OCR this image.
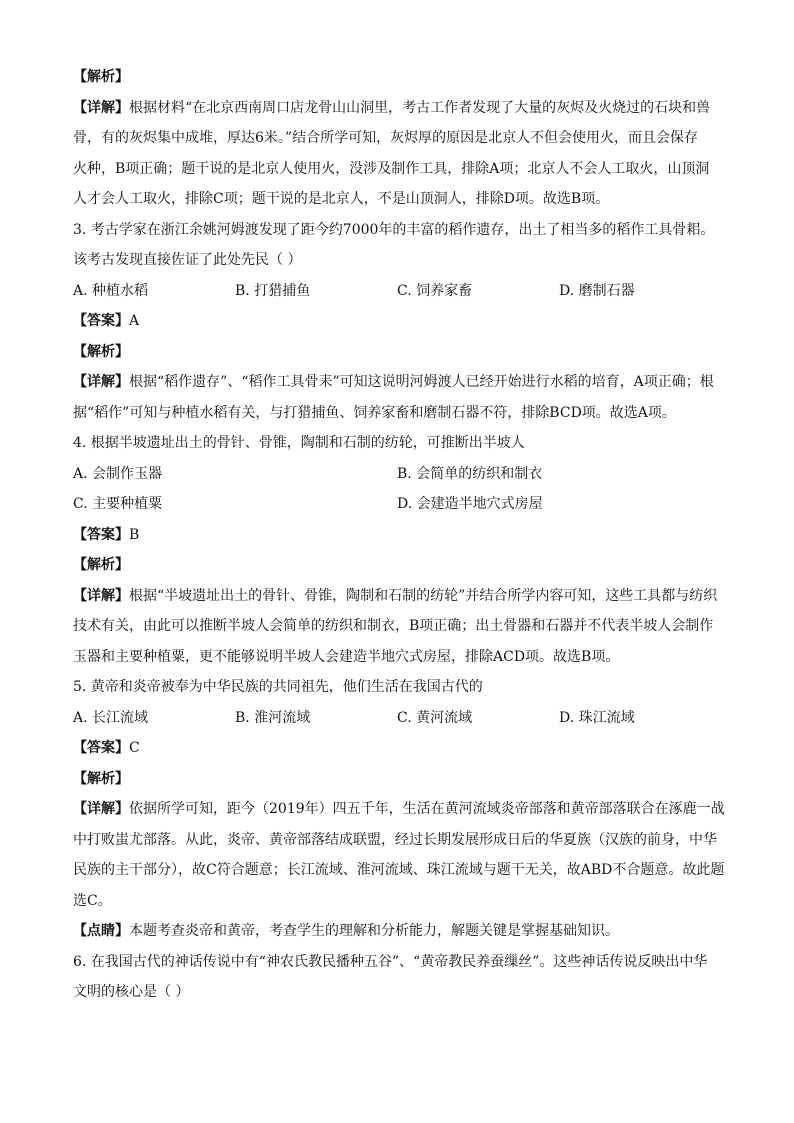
【解析】
【详解】根据材料“在北京西南周口店龙骨山山洞里，考古工作者发现了大量的灰烬及火烧过的石块和兽
骨，有的灰烬集中成堆，厚达6米。”结合所学可知，灰烬厚的原因是北京人不但会使用火，而且会保存
火种，B项正确；题干说的是北京人使用火，没涉及制作工具，排除A项；北京人不会人工取火，山顶洞
人才会人工取火，排除C项；题干说的是北京人，不是山顶洞人，排除D项。故选B项。
3. 考古学家在浙江余姚河姆渡发现了距今约7000年的丰富的稻作遗存，出土了相当多的稻作工具骨耜。
该考古发现直接佐证了此处先民（ ）
A. 种植水稻	B. 打猎捕鱼	C. 饲养家畜	D. 磨制石器
【答案】A
【解析】
【详解】根据“稻作遗存”、“稻作工具骨耒”可知这说明河姆渡人已经开始进行水稻的培育，A项正确；根
据“稻作”可知与种植水稻有关，与打猎捕鱼、饲养家畜和磨制石器不符，排除BCD项。故选A项。
4. 根据半坡遗址出土的骨针、骨锥，陶制和石制的纺轮，可推断出半坡人
A. 会制作玉器	B. 会简单的纺织和制衣
C. 主要种植粟	D. 会建造半地穴式房屋
【答案】B
【解析】
【详解】根据“半坡遗址出土的骨针、骨锥，陶制和石制的纺轮”并结合所学内容可知，这些工具都与纺织
技术有关，由此可以推断半坡人会简单的纺织和制衣，B项正确；出土骨器和石器并不代表半坡人会制作
玉器和主要种植粟，更不能够说明半坡人会建造半地穴式房屋，排除ACD项。故选B项。
5. 黄帝和炎帝被奉为中华民族的共同祖先，他们生活在我国古代的
A. 长江流域	B. 淮河流域	C. 黄河流域	D. 珠江流域
【答案】C
【解析】
【详解】依据所学可知，距今（2019年）四五千年，生活在黄河流域炎帝部落和黄帝部落联合在涿鹿一战
中打败蚩尤部落。从此，炎帝、黄帝部落结成联盟，经过长期发展形成日后的华夏族（汉族的前身，中华
民族的主干部分），故C符合题意；长江流域、淮河流域、珠江流域与题干无关，故ABD不合题意。故此题
选C。
【点睛】本题考查炎帝和黄帝，考查学生的理解和分析能力，解题关键是掌握基础知识。
6. 在我国古代的神话传说中有“神农氏教民播种五谷”、“黄帝教民养蚕缫丝”。这些神话传说反映出中华
文明的核心是（ ）
